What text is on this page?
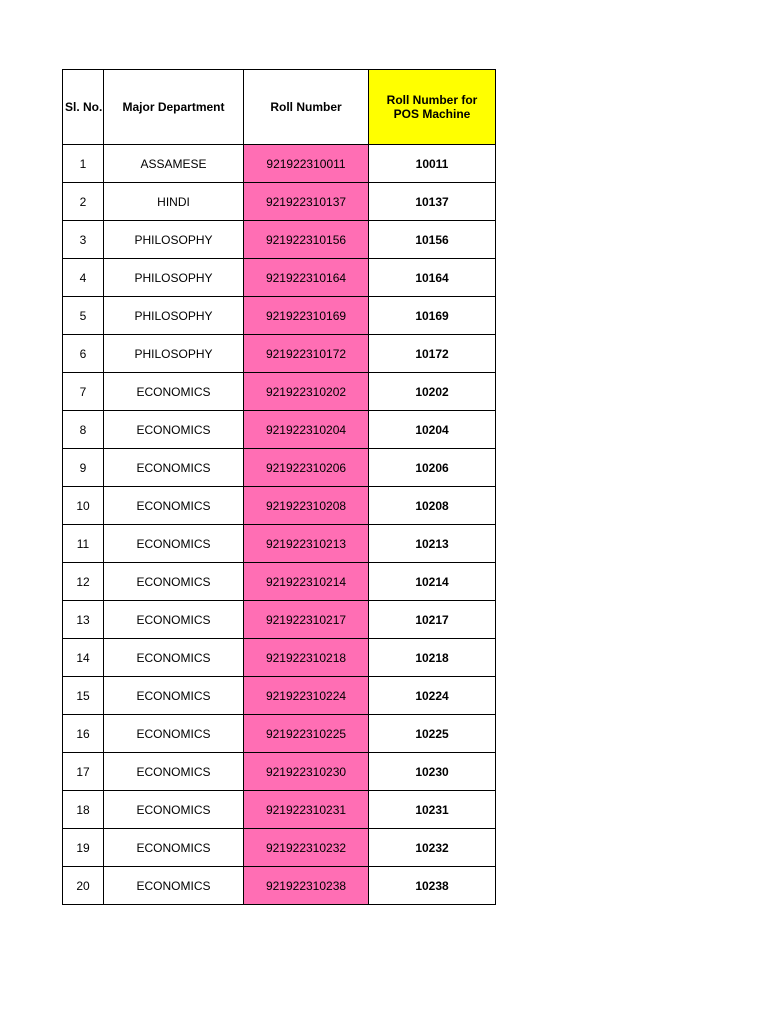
Sl. No.	Major Department	Roll Number	Roll Number for POS Machine
1	ASSAMESE	921922310011	10011
2	HINDI	921922310137	10137
3	PHILOSOPHY	921922310156	10156
4	PHILOSOPHY	921922310164	10164
5	PHILOSOPHY	921922310169	10169
6	PHILOSOPHY	921922310172	10172
7	ECONOMICS	921922310202	10202
8	ECONOMICS	921922310204	10204
9	ECONOMICS	921922310206	10206
10	ECONOMICS	921922310208	10208
11	ECONOMICS	921922310213	10213
12	ECONOMICS	921922310214	10214
13	ECONOMICS	921922310217	10217
14	ECONOMICS	921922310218	10218
15	ECONOMICS	921922310224	10224
16	ECONOMICS	921922310225	10225
17	ECONOMICS	921922310230	10230
18	ECONOMICS	921922310231	10231
19	ECONOMICS	921922310232	10232
20	ECONOMICS	921922310238	10238
